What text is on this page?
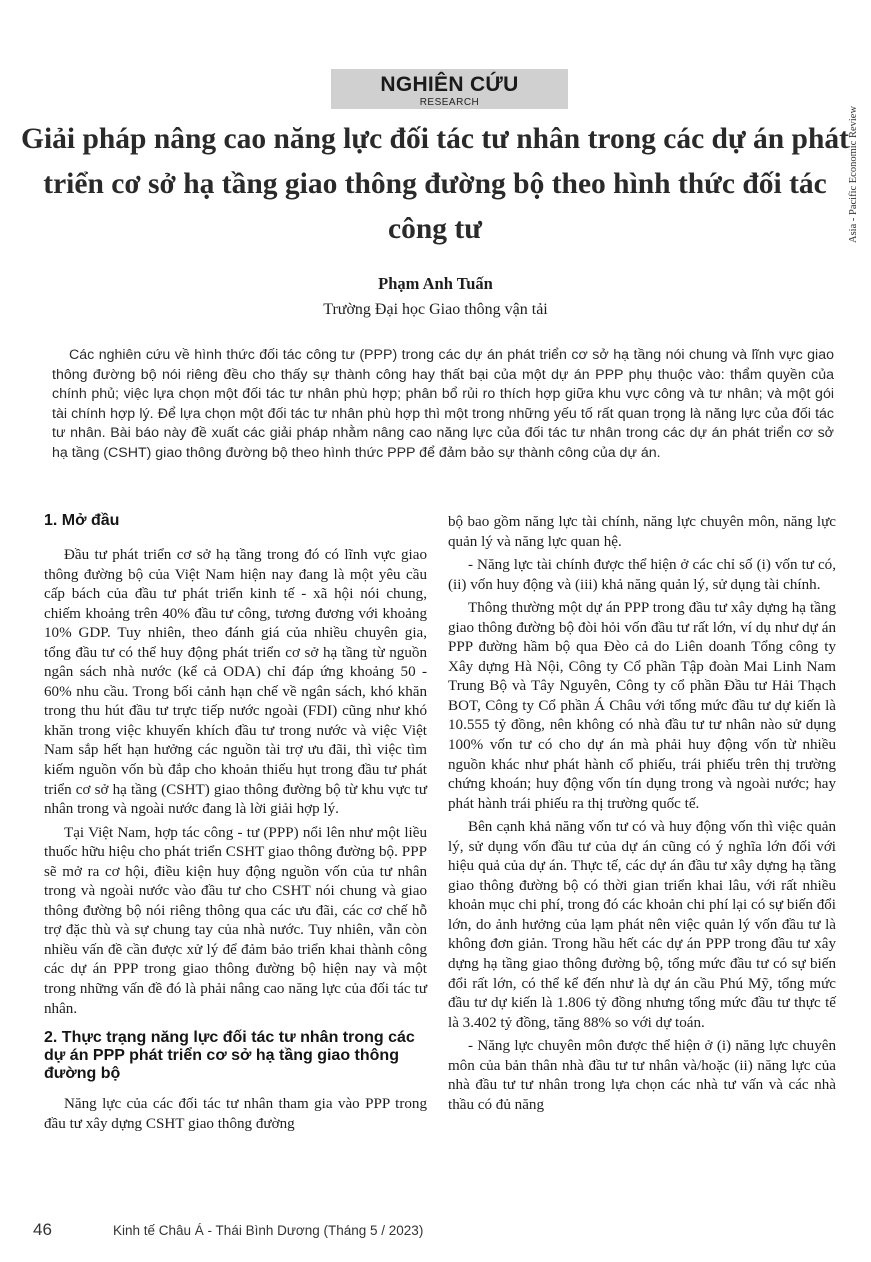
NGHIÊN CỨU
RESEARCH
Asia - Pacific Economic Review
Giải pháp nâng cao năng lực đối tác tư nhân trong các dự án phát triển cơ sở hạ tầng giao thông đường bộ theo hình thức đối tác công tư
Phạm Anh Tuấn
Trường Đại học Giao thông vận tải

Các nghiên cứu về hình thức đối tác công tư (PPP) trong các dự án phát triển cơ sở hạ tầng nói chung và lĩnh vực giao thông đường bộ nói riêng đều cho thấy sự thành công hay thất bại của một dự án PPP phụ thuộc vào: thẩm quyền của chính phủ; việc lựa chọn một đối tác tư nhân phù hợp; phân bổ rủi ro thích hợp giữa khu vực công và tư nhân; và một gói tài chính hợp lý. Để lựa chọn một đối tác tư nhân phù hợp thì một trong những yếu tố rất quan trọng là năng lực của đối tác tư nhân. Bài báo này đề xuất các giải pháp nhằm nâng cao năng lực của đối tác tư nhân trong các dự án phát triển cơ sở hạ tầng (CSHT) giao thông đường bộ theo hình thức PPP để đảm bảo sự thành công của dự án.

1. Mở đầu

Đầu tư phát triển cơ sở hạ tầng trong đó có lĩnh vực giao thông đường bộ của Việt Nam hiện nay đang là một yêu cầu cấp bách của đầu tư phát triển kinh tế - xã hội nói chung, chiếm khoảng trên 40% đầu tư công, tương đương với khoảng 10% GDP. Tuy nhiên, theo đánh giá của nhiều chuyên gia, tổng đầu tư có thể huy động phát triển cơ sở hạ tầng từ nguồn ngân sách nhà nước (kể cả ODA) chỉ đáp ứng khoảng 50 - 60% nhu cầu. Trong bối cảnh hạn chế về ngân sách, khó khăn trong thu hút đầu tư trực tiếp nước ngoài (FDI) cũng như khó khăn trong việc khuyến khích đầu tư trong nước và việc Việt Nam sắp hết hạn hưởng các nguồn tài trợ ưu đãi, thì việc tìm kiếm nguồn vốn bù đắp cho khoản thiếu hụt trong đầu tư phát triển cơ sở hạ tầng (CSHT) giao thông đường bộ từ khu vực tư nhân trong và ngoài nước đang là lời giải hợp lý.

Tại Việt Nam, hợp tác công - tư (PPP) nổi lên như một liều thuốc hữu hiệu cho phát triển CSHT giao thông đường bộ. PPP sẽ mở ra cơ hội, điều kiện huy động nguồn vốn của tư nhân trong và ngoài nước vào đầu tư cho CSHT nói chung và giao thông đường bộ nói riêng thông qua các ưu đãi, các cơ chế hỗ trợ đặc thù và sự chung tay của nhà nước. Tuy nhiên, vẫn còn nhiều vấn đề cần được xử lý để đảm bảo triển khai thành công các dự án PPP trong giao thông đường bộ hiện nay và một trong những vấn đề đó là phải nâng cao năng lực của đối tác tư nhân.

2. Thực trạng năng lực đối tác tư nhân trong các dự án PPP phát triển cơ sở hạ tầng giao thông đường bộ

Năng lực của các đối tác tư nhân tham gia vào PPP trong đầu tư xây dựng CSHT giao thông đường

bộ bao gồm năng lực tài chính, năng lực chuyên môn, năng lực quản lý và năng lực quan hệ.

- Năng lực tài chính được thể hiện ở các chỉ số (i) vốn tư có, (ii) vốn huy động và (iii) khả năng quản lý, sử dụng tài chính.

Thông thường một dự án PPP trong đầu tư xây dựng hạ tầng giao thông đường bộ đòi hỏi vốn đầu tư rất lớn, ví dụ như dự án PPP đường hầm bộ qua Đèo cả do Liên doanh Tổng công ty Xây dựng Hà Nội, Công ty Cổ phần Tập đoàn Mai Linh Nam Trung Bộ và Tây Nguyên, Công ty cổ phần Đầu tư Hải Thạch BOT, Công ty Cổ phần Á Châu với tổng mức đầu tư dự kiến là 10.555 tỷ đồng, nên không có nhà đầu tư tư nhân nào sử dụng 100% vốn tư có cho dự án mà phải huy động vốn từ nhiều nguồn khác như phát hành cổ phiếu, trái phiếu trên thị trường chứng khoán; huy động vốn tín dụng trong và ngoài nước; hay phát hành trái phiếu ra thị trường quốc tế.

Bên cạnh khả năng vốn tư có và huy động vốn thì việc quản lý, sử dụng vốn đầu tư của dự án cũng có ý nghĩa lớn đối với hiệu quả của dự án. Thực tế, các dự án đầu tư xây dựng hạ tầng giao thông đường bộ có thời gian triển khai lâu, với rất nhiều khoản mục chi phí, trong đó các khoản chi phí lại có sự biến đổi lớn, do ảnh hưởng của lạm phát nên việc quản lý vốn đầu tư là không đơn giản. Trong hầu hết các dự án PPP trong đầu tư xây dựng hạ tầng giao thông đường bộ, tổng mức đầu tư có sự biến đổi rất lớn, có thể kể đến như là dự án cầu Phú Mỹ, tổng mức đầu tư dự kiến là 1.806 tỷ đồng nhưng tổng mức đầu tư thực tế là 3.402 tỷ đồng, tăng 88% so với dự toán.

- Năng lực chuyên môn được thể hiện ở (i) năng lực chuyên môn của bản thân nhà đầu tư tư nhân và/hoặc (ii) năng lực của nhà đầu tư tư nhân trong lựa chọn các nhà tư vấn và các nhà thầu có đủ năng

46	Kinh tế Châu Á - Thái Bình Dương (Tháng 5 / 2023)
